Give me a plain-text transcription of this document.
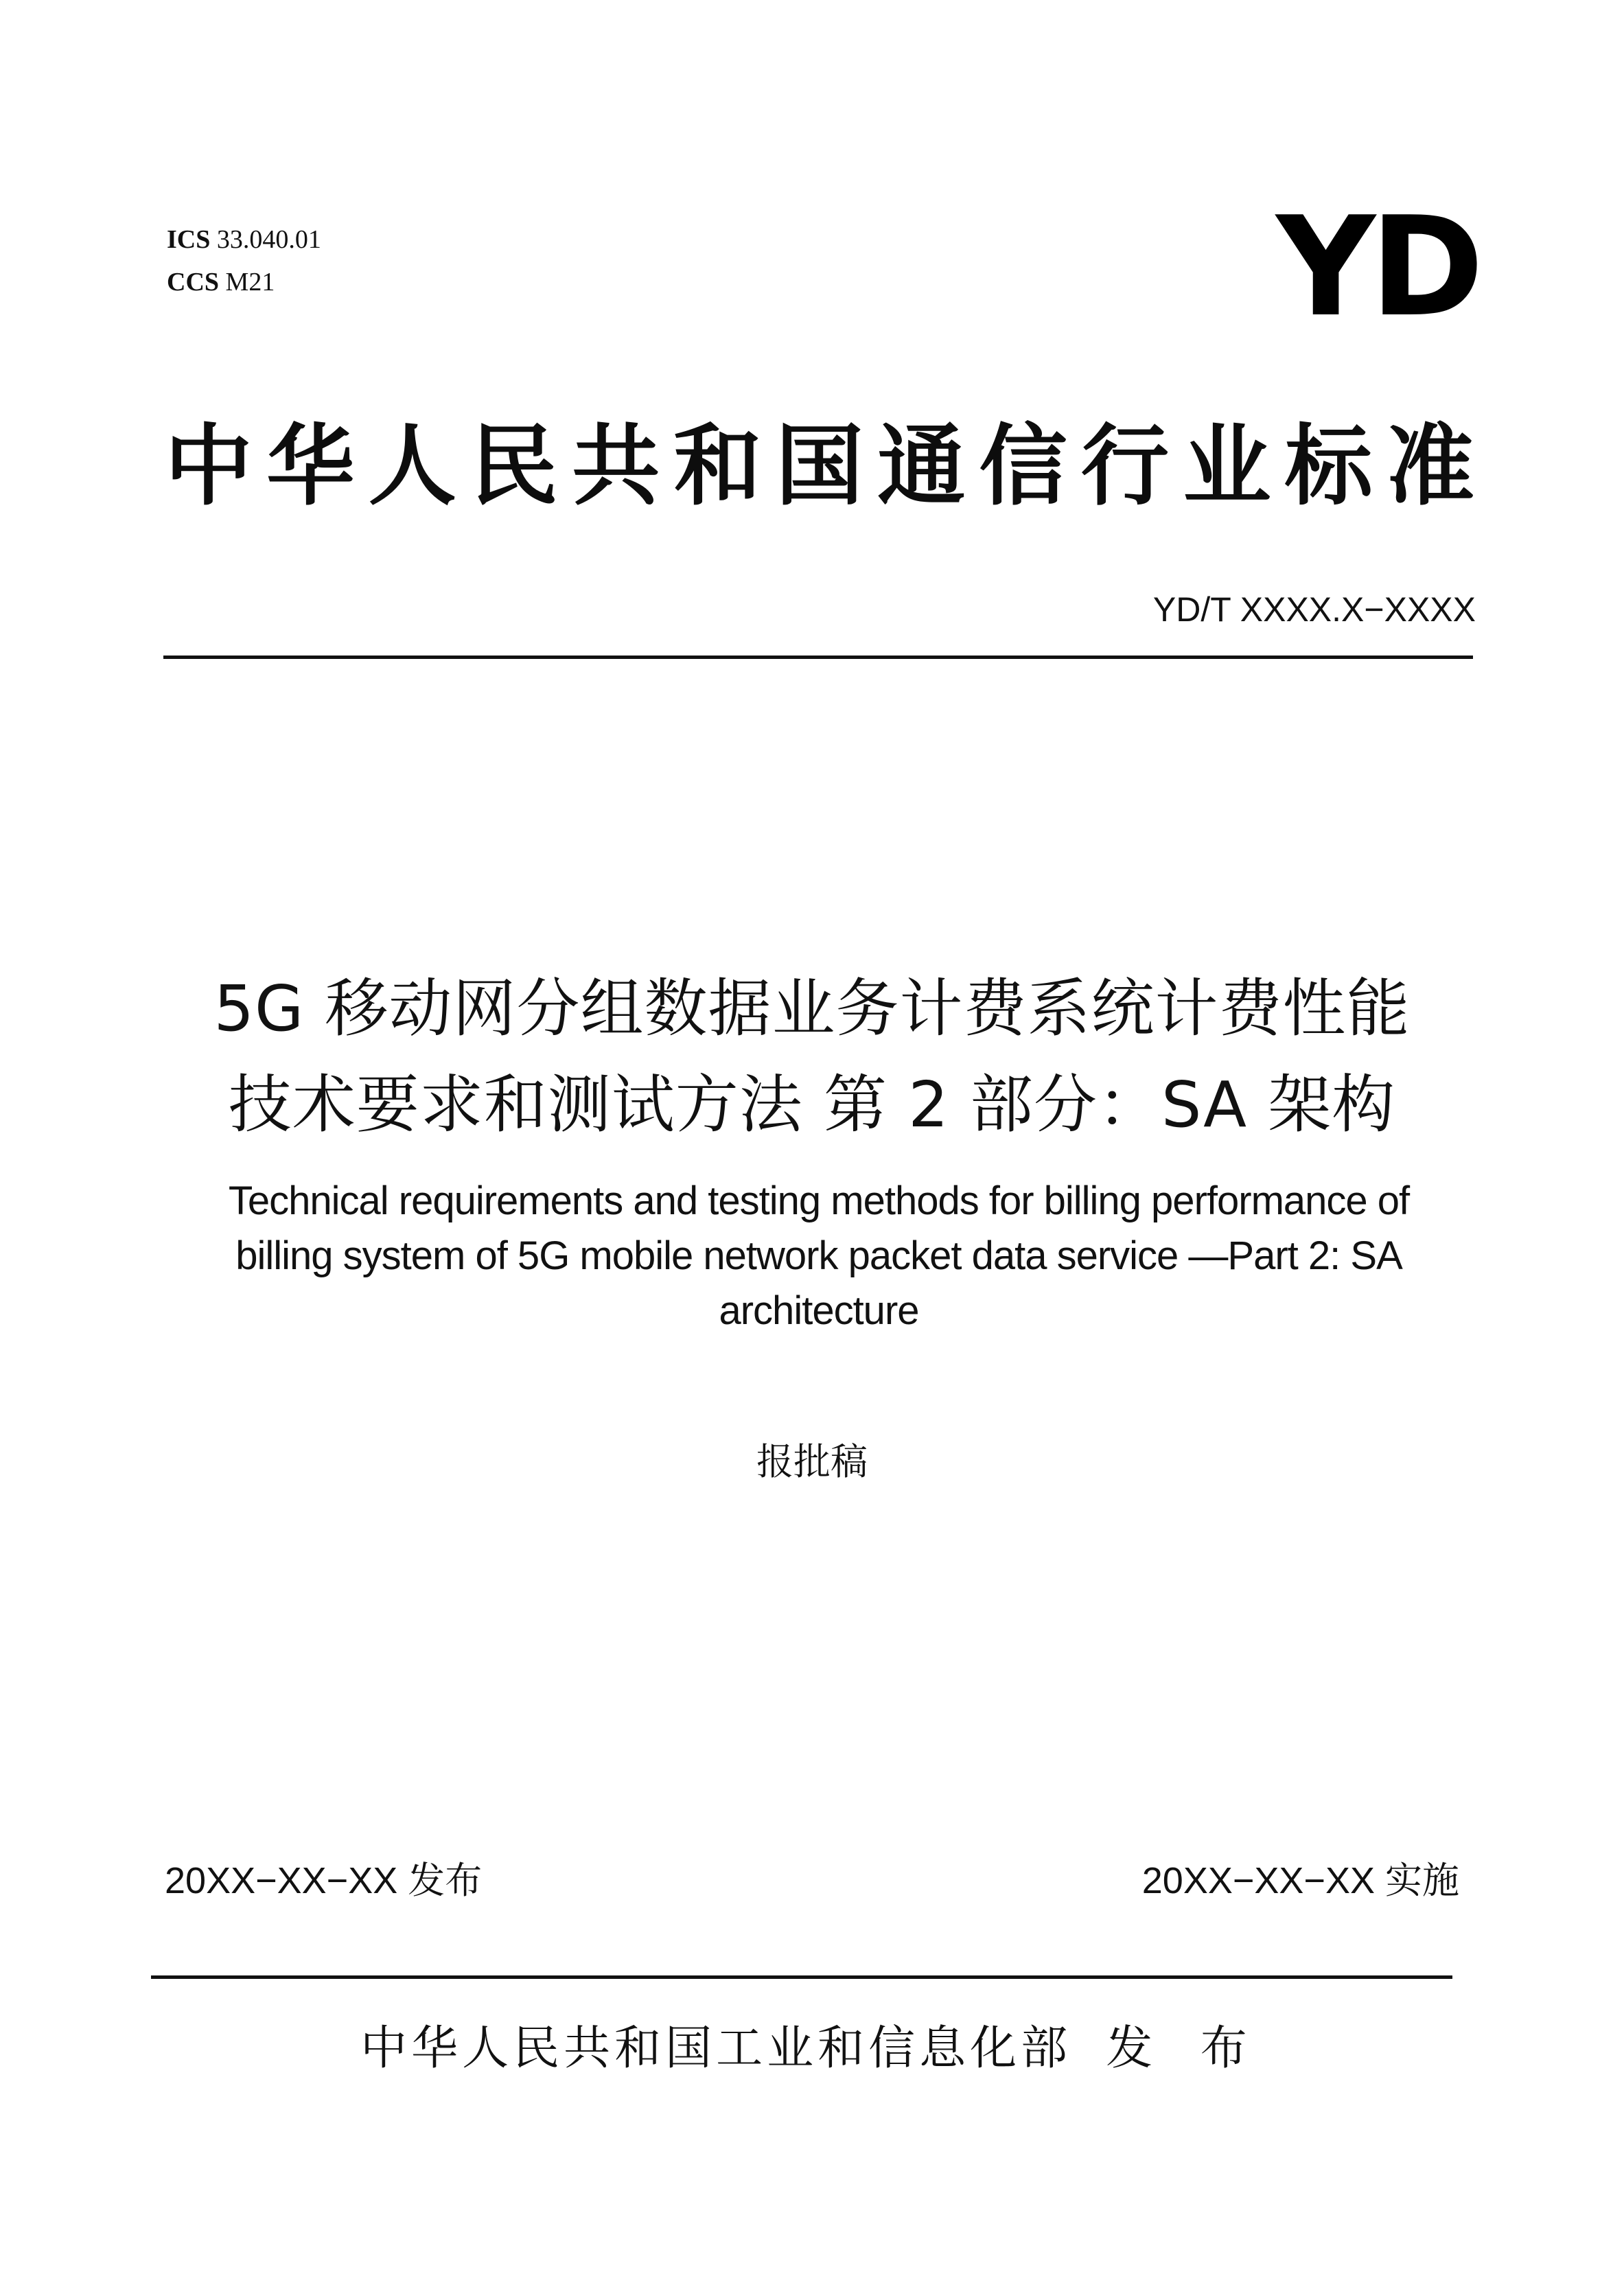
ICS 33.040.01
CCS M21	YD
中华人民共和国通信行业标准
YD/T XXXX.X−XXXX
5G 移动网分组数据业务计费系统计费性能
技术要求和测试方法 第 2 部分：SA 架构
Technical requirements and testing methods for billing performance of
billing system of 5G mobile network packet data service —Part 2: SA
architecture
报批稿
20XX−XX−XX 发布	20XX−XX−XX 实施
中华人民共和国工业和信息化部 发 布
